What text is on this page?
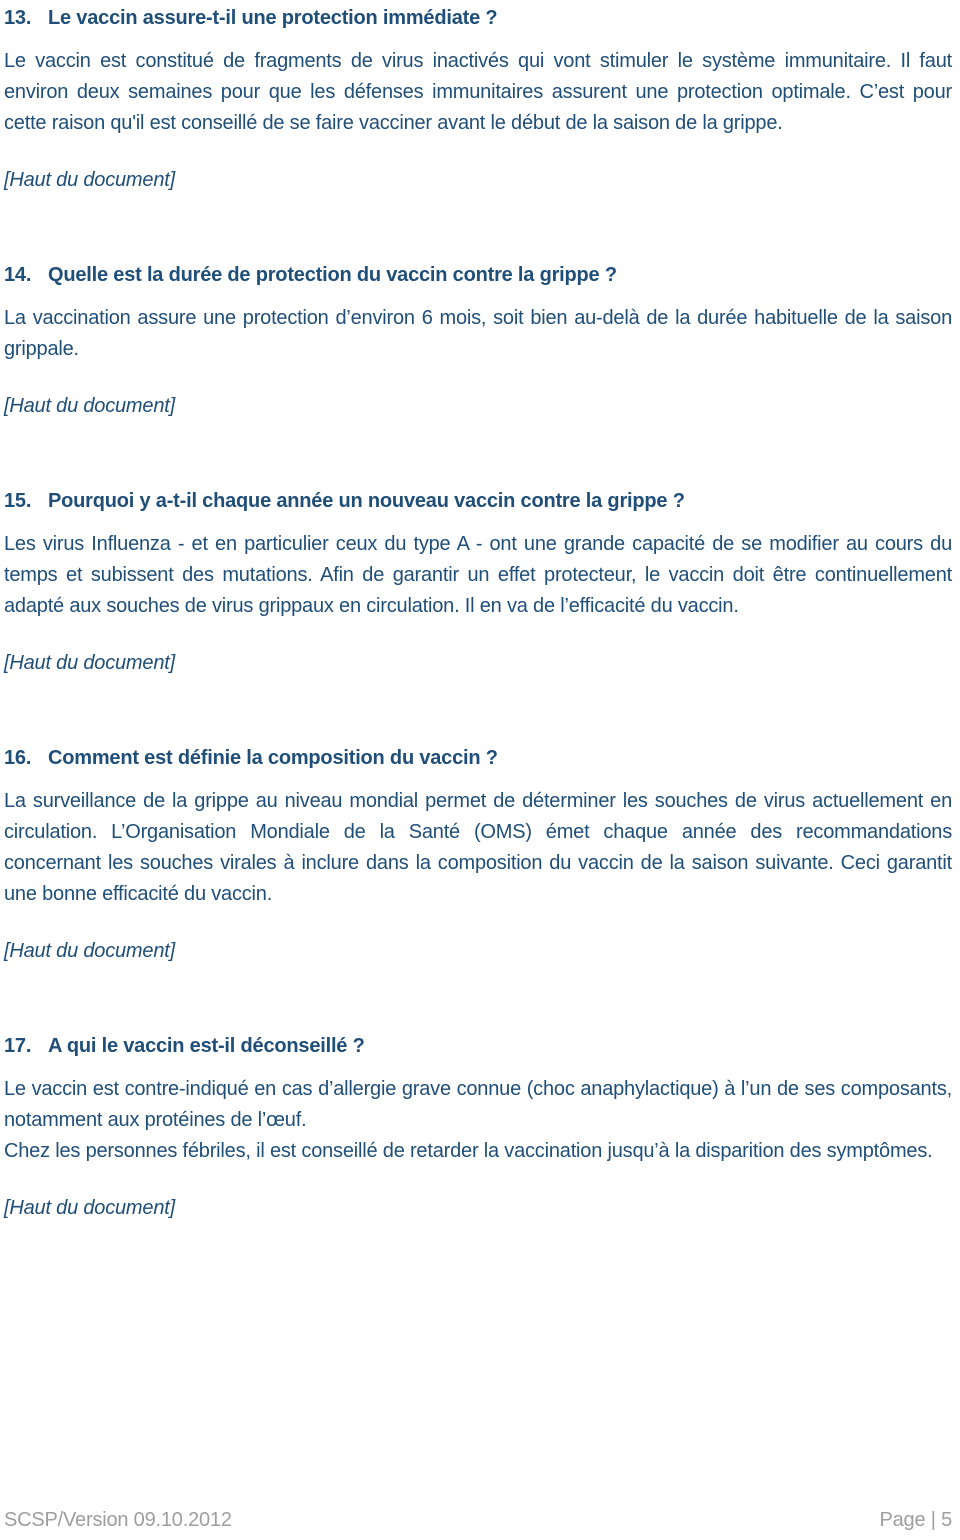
13. Le vaccin assure-t-il une protection immédiate ?

Le vaccin est constitué de fragments de virus inactivés qui vont stimuler le système immunitaire. Il faut environ deux semaines pour que les défenses immunitaires assurent une protection optimale. C’est pour cette raison qu'il est conseillé de se faire vacciner avant le début de la saison de la grippe.

[Haut du document]
14. Quelle est la durée de protection du vaccin contre la grippe ?

La vaccination assure une protection d’environ 6 mois, soit bien au-delà de la durée habituelle de la saison grippale.

[Haut du document]
15. Pourquoi y a-t-il chaque année un nouveau vaccin contre la grippe ?

Les virus Influenza - et en particulier ceux du type A - ont une grande capacité de se modifier au cours du temps et subissent des mutations. Afin de garantir un effet protecteur, le vaccin doit être continuellement adapté aux souches de virus grippaux en circulation. Il en va de l’efficacité du vaccin.

[Haut du document]
16. Comment est définie la composition du vaccin ?

La surveillance de la grippe au niveau mondial permet de déterminer les souches de virus actuellement en circulation. L’Organisation Mondiale de la Santé (OMS) émet chaque année des recommandations concernant les souches virales à inclure dans la composition du vaccin de la saison suivante. Ceci garantit une bonne efficacité du vaccin.

[Haut du document]
17. A qui le vaccin est-il déconseillé ?

Le vaccin est contre-indiqué en cas d’allergie grave connue (choc anaphylactique) à l’un de ses composants, notamment aux protéines de l’œuf.

Chez les personnes fébriles, il est conseillé de retarder la vaccination jusqu’à la disparition des symptômes.

[Haut du document]
SCSP/Version 09.10.2012	Page | 5
